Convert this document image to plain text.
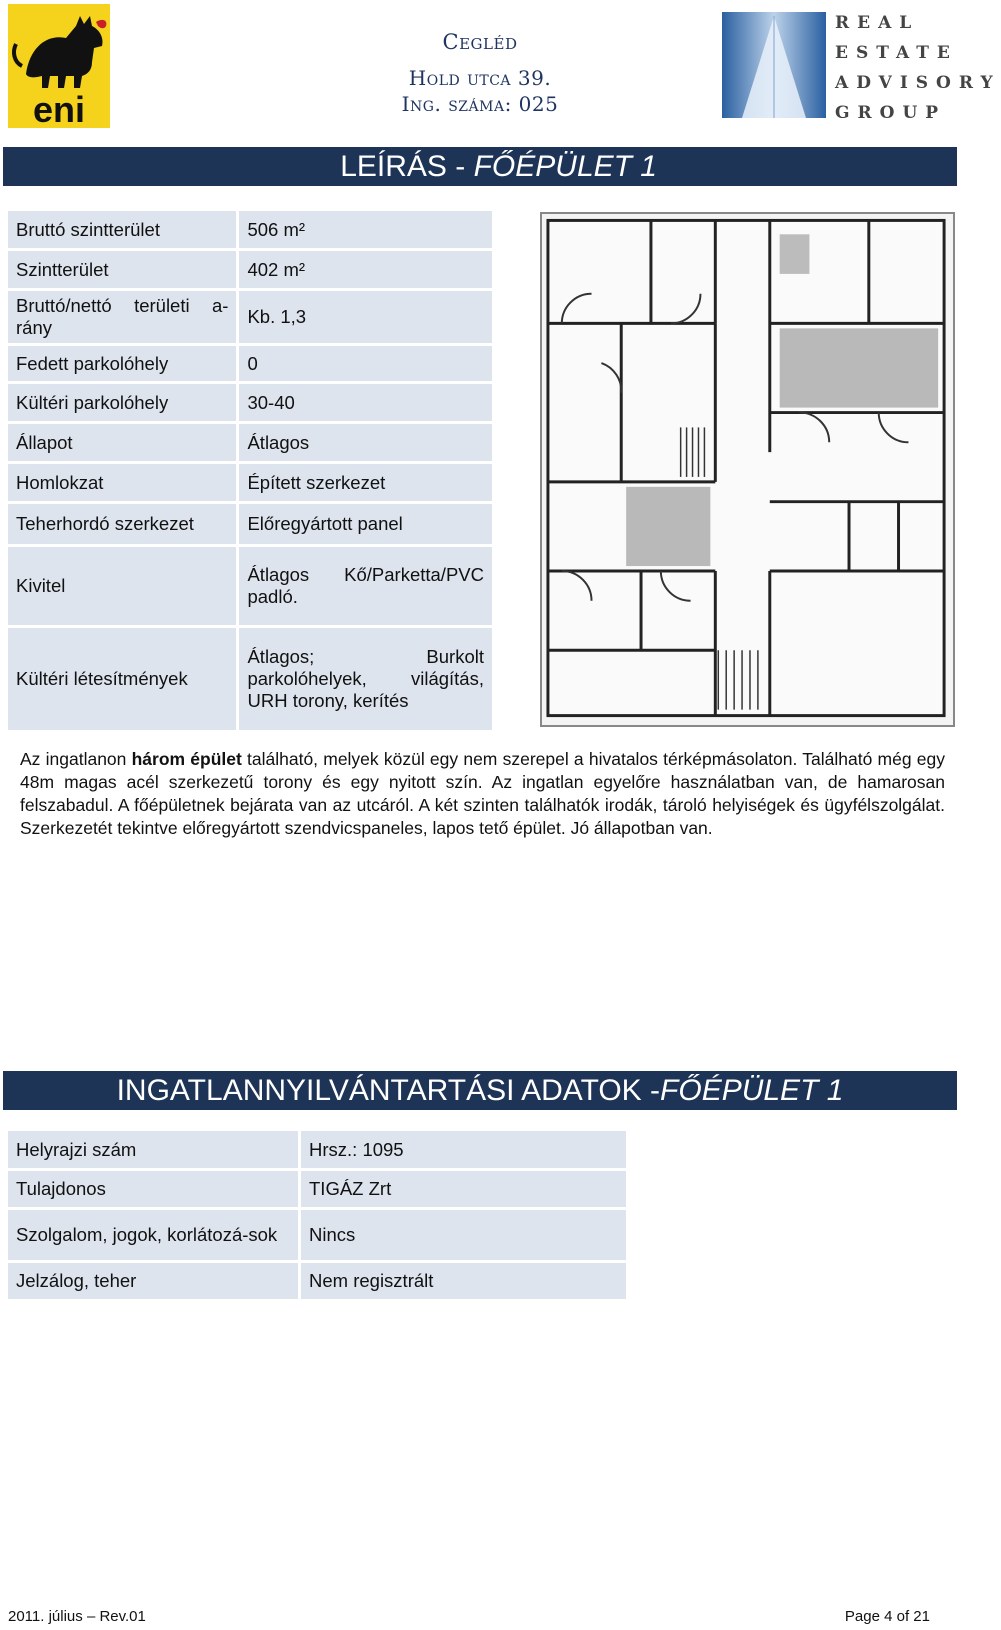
eni
Cegléd
Hold utca 39.
Ing. száma: 025
REAL
ESTATE
ADVISORY
GROUP
LEÍRÁS -
FŐÉPÜLET 1
Bruttó szintterület	506 m²
Szintterület	402 m²
Bruttó/nettó területi a-rány	Kb. 1,3
Fedett parkolóhely	0
Kültéri parkolóhely	30-40
Állapot	Átlagos
Homlokzat	Épített szerkezet
Teherhordó szerkezet	Előregyártott panel
Kivitel	Átlagos Kő/Parketta/PVC padló.
Kültéri létesítmények	Átlagos; Burkolt parkolóhelyek, világítás, URH torony, kerítés
Az ingatlanon három épület található, melyek közül egy nem szerepel a hivatalos térképmásolaton. Található még egy 48m magas acél szerkezetű torony és egy nyitott szín. Az ingatlan egyelőre használatban van, de hamarosan felszabadul. A főépületnek bejárata van az utcáról. A két szinten találhatók irodák, tároló helyiségek és ügyfélszolgálat. Szerkezetét tekintve előregyártott szendvicspaneles, lapos tető épület. Jó állapotban van.
INGATLANNYILVÁNTARTÁSI ADATOK - FŐÉPÜLET 1
Helyrajzi szám	Hrsz.: 1095	
Tulajdonos	TIGÁZ Zrt	
Szolgalom, jogok, korlátozá-sok	Nincs	
Jelzálog, teher	Nem regisztrált	
2011. július – Rev.01	Page 4 of 21
